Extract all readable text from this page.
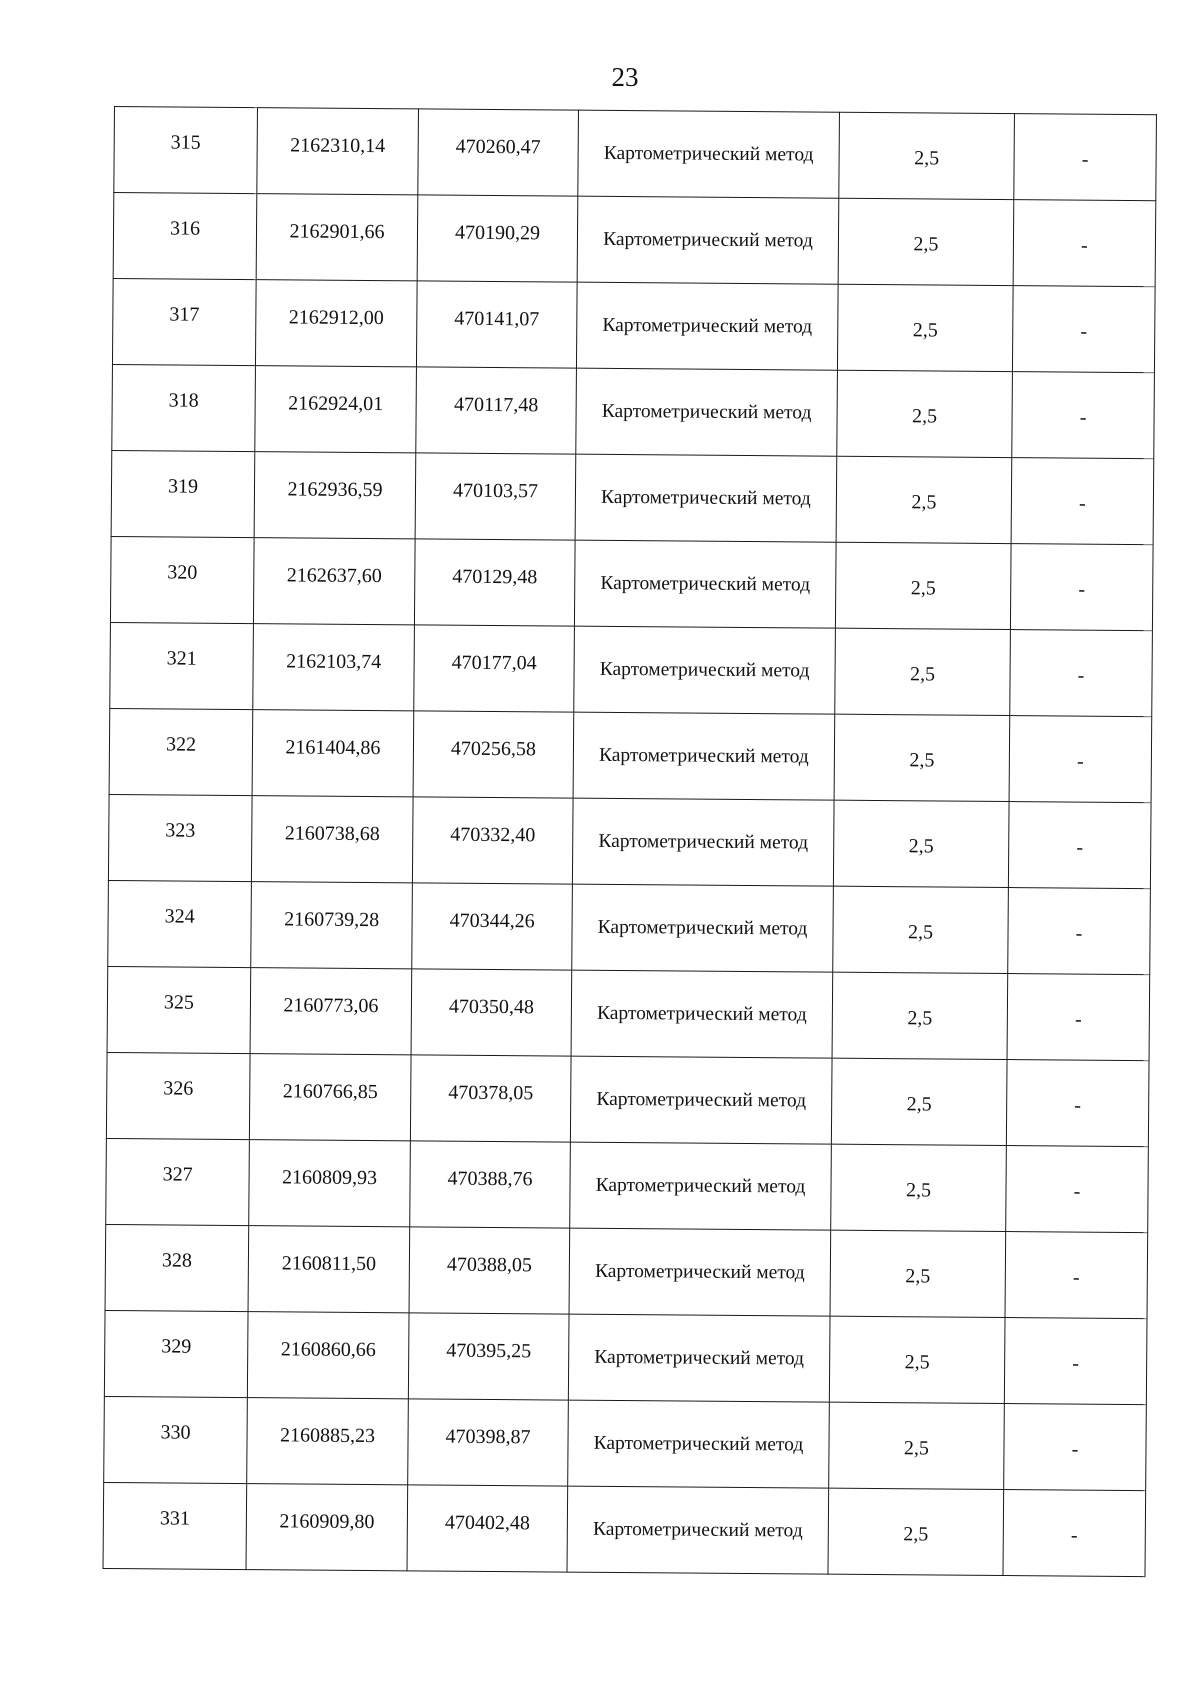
23
315	2162310,14	470260,47	Картометрический метод	2,5	-

316	2162901,66	470190,29	Картометрический метод	2,5	-

317	2162912,00	470141,07	Картометрический метод	2,5	-

318	2162924,01	470117,48	Картометрический метод	2,5	-

319	2162936,59	470103,57	Картометрический метод	2,5	-

320	2162637,60	470129,48	Картометрический метод	2,5	-

321	2162103,74	470177,04	Картометрический метод	2,5	-

322	2161404,86	470256,58	Картометрический метод	2,5	-

323	2160738,68	470332,40	Картометрический метод	2,5	-

324	2160739,28	470344,26	Картометрический метод	2,5	-

325	2160773,06	470350,48	Картометрический метод	2,5	-

326	2160766,85	470378,05	Картометрический метод	2,5	-

327	2160809,93	470388,76	Картометрический метод	2,5	-

328	2160811,50	470388,05	Картометрический метод	2,5	-

329	2160860,66	470395,25	Картометрический метод	2,5	-

330	2160885,23	470398,87	Картометрический метод	2,5	-

331	2160909,80	470402,48	Картометрический метод	2,5	-
